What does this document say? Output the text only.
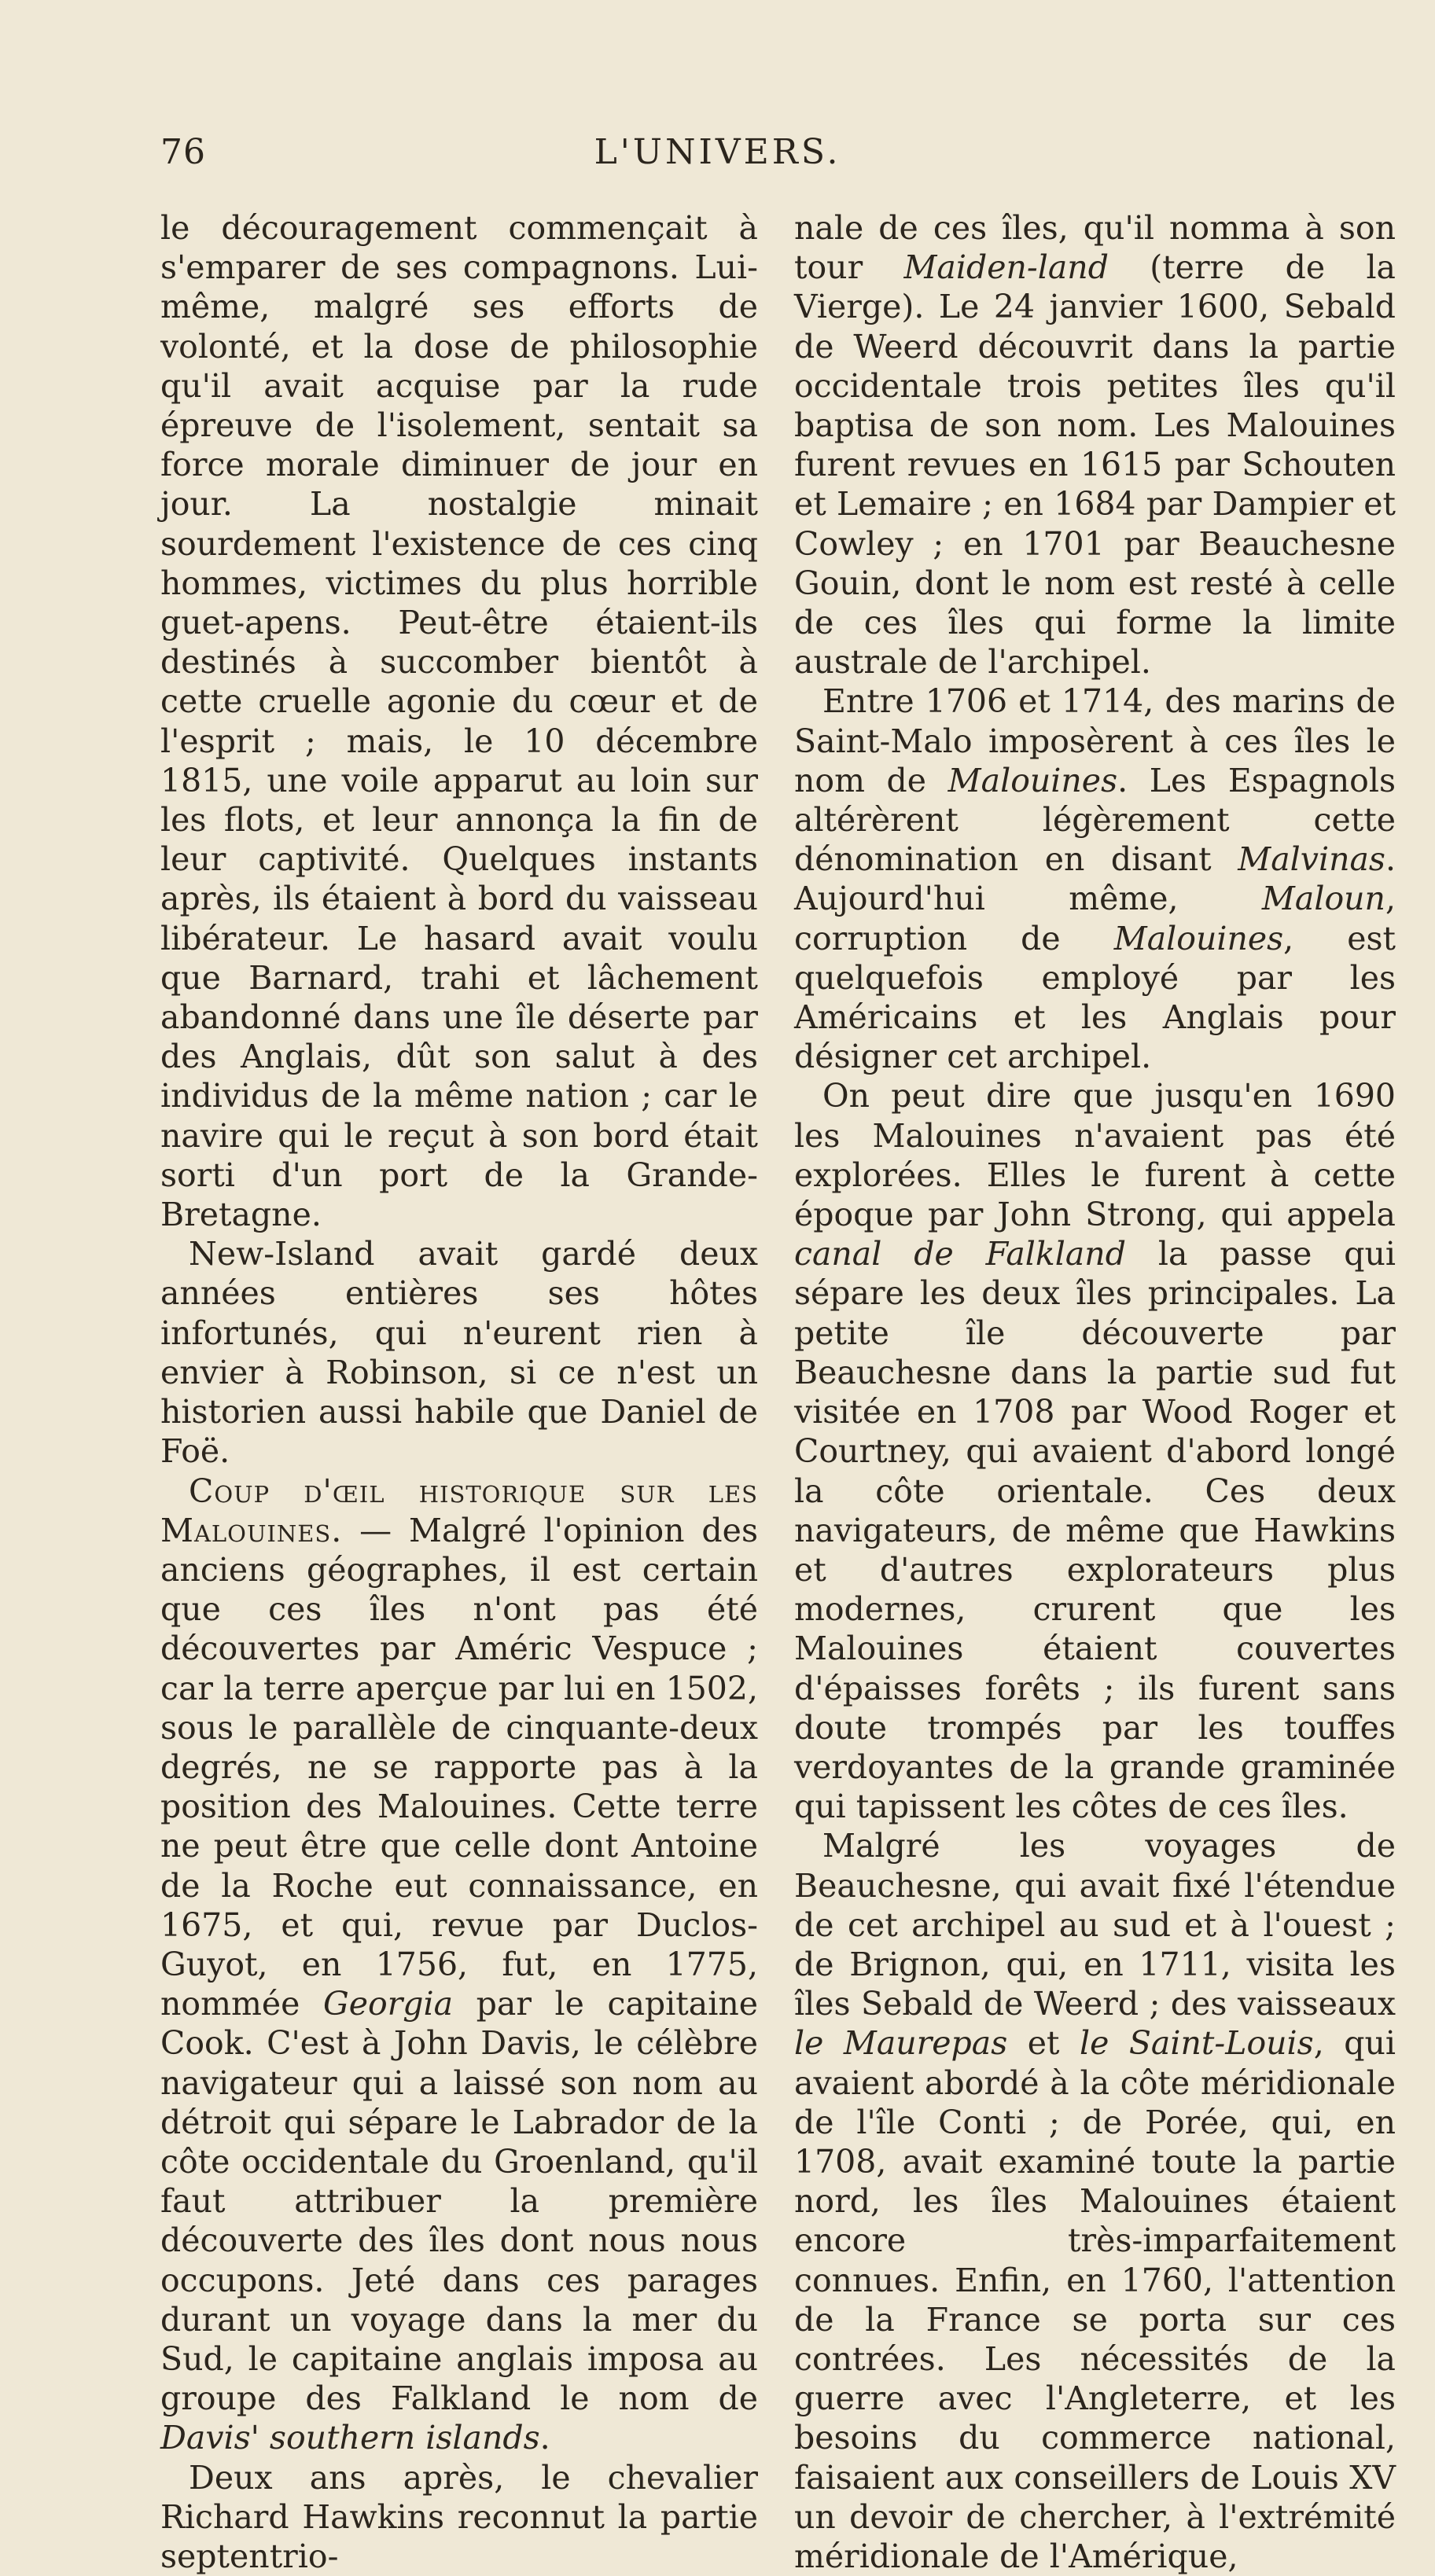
76	L'UNIVERS.

le découragement commençait à s'emparer de ses compagnons. Lui-même, malgré ses efforts de volonté, et la dose de philosophie qu'il avait acquise par la rude épreuve de l'isolement, sentait sa force morale diminuer de jour en jour. La nostalgie minait sourdement l'existence de ces cinq hommes, victimes du plus horrible guet-apens. Peut-être étaient-ils destinés à succomber bientôt à cette cruelle agonie du cœur et de l'esprit ; mais, le 10 décembre 1815, une voile apparut au loin sur les flots, et leur annonça la fin de leur captivité. Quelques instants après, ils étaient à bord du vaisseau libérateur. Le hasard avait voulu que Barnard, trahi et lâchement abandonné dans une île déserte par des Anglais, dût son salut à des individus de la même nation ; car le navire qui le reçut à son bord était sorti d'un port de la Grande-Bretagne.

New-Island avait gardé deux années entières ses hôtes infortunés, qui n'eurent rien à envier à Robinson, si ce n'est un historien aussi habile que Daniel de Foë.

Coup d'œil historique sur les Malouines. — Malgré l'opinion des anciens géographes, il est certain que ces îles n'ont pas été découvertes par Améric Vespuce ; car la terre aperçue par lui en 1502, sous le parallèle de cinquante-deux degrés, ne se rapporte pas à la position des Malouines. Cette terre ne peut être que celle dont Antoine de la Roche eut connaissance, en 1675, et qui, revue par Duclos-Guyot, en 1756, fut, en 1775, nommée Georgia par le capitaine Cook. C'est à John Davis, le célèbre navigateur qui a laissé son nom au détroit qui sépare le Labrador de la côte occidentale du Groenland, qu'il faut attribuer la première découverte des îles dont nous nous occupons. Jeté dans ces parages durant un voyage dans la mer du Sud, le capitaine anglais imposa au groupe des Falkland le nom de Davis' southern islands.

Deux ans après, le chevalier Richard Hawkins reconnut la partie septentrio-

nale de ces îles, qu'il nomma à son tour Maiden-land (terre de la Vierge). Le 24 janvier 1600, Sebald de Weerd découvrit dans la partie occidentale trois petites îles qu'il baptisa de son nom. Les Malouines furent revues en 1615 par Schouten et Lemaire ; en 1684 par Dampier et Cowley ; en 1701 par Beauchesne Gouin, dont le nom est resté à celle de ces îles qui forme la limite australe de l'archipel.

Entre 1706 et 1714, des marins de Saint-Malo imposèrent à ces îles le nom de Malouines. Les Espagnols altérèrent légèrement cette dénomination en disant Malvinas. Aujourd'hui même, Maloun, corruption de Malouines, est quelquefois employé par les Américains et les Anglais pour désigner cet archipel.

On peut dire que jusqu'en 1690 les Malouines n'avaient pas été explorées. Elles le furent à cette époque par John Strong, qui appela canal de Falkland la passe qui sépare les deux îles principales. La petite île découverte par Beauchesne dans la partie sud fut visitée en 1708 par Wood Roger et Courtney, qui avaient d'abord longé la côte orientale. Ces deux navigateurs, de même que Hawkins et d'autres explorateurs plus modernes, crurent que les Malouines étaient couvertes d'épaisses forêts ; ils furent sans doute trompés par les touffes verdoyantes de la grande graminée qui tapissent les côtes de ces îles.

Malgré les voyages de Beauchesne, qui avait fixé l'étendue de cet archipel au sud et à l'ouest ; de Brignon, qui, en 1711, visita les îles Sebald de Weerd ; des vaisseaux le Maurepas et le Saint-Louis, qui avaient abordé à la côte méridionale de l'île Conti ; de Porée, qui, en 1708, avait examiné toute la partie nord, les îles Malouines étaient encore très-imparfaitement connues. Enfin, en 1760, l'attention de la France se porta sur ces contrées. Les nécessités de la guerre avec l'Angleterre, et les besoins du commerce national, faisaient aux conseillers de Louis XV un devoir de chercher, à l'extrémité méridionale de l'Amérique,
